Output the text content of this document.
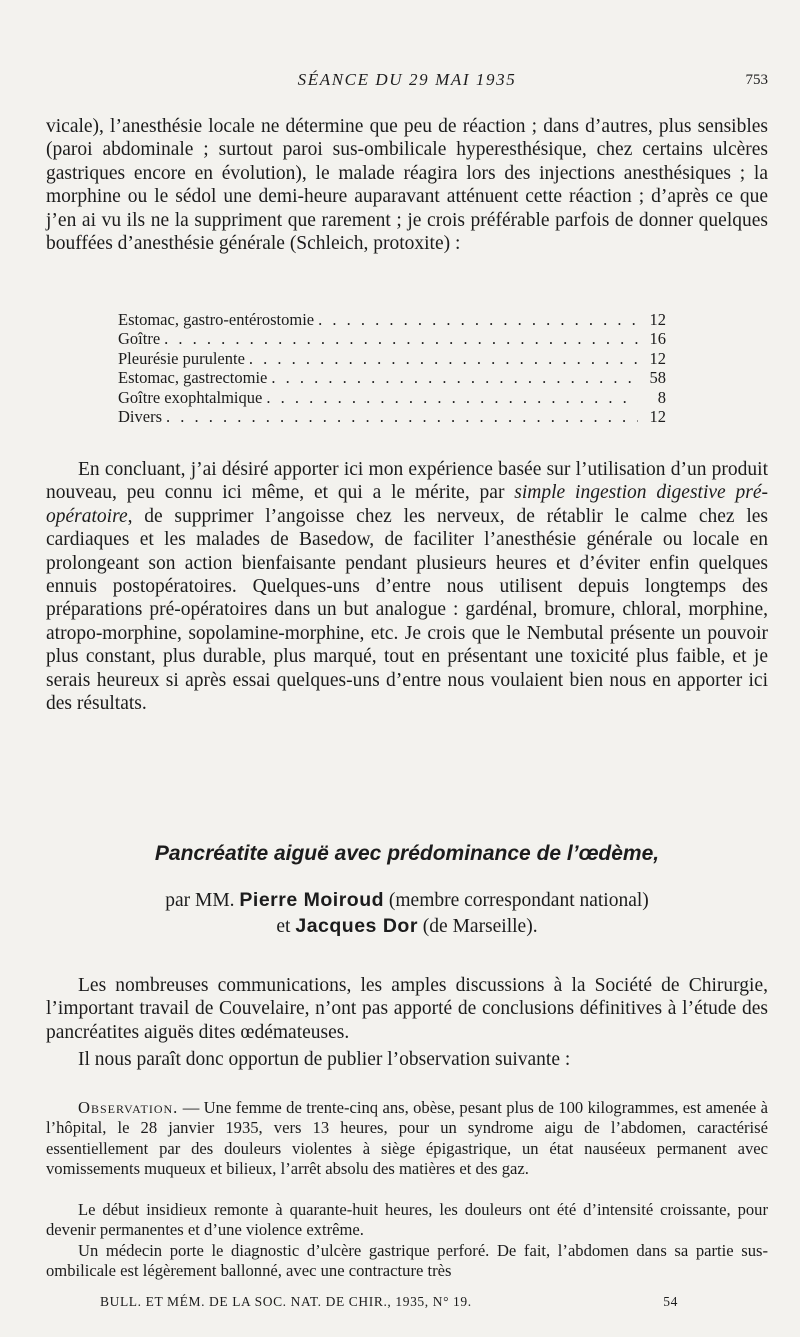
SÉANCE DU 29 MAI 1935	753

vicale), l’anesthésie locale ne détermine que peu de réaction ; dans d’autres, plus sensibles (paroi abdominale ; surtout paroi sus-ombilicale hyperesthésique, chez certains ulcères gastriques encore en évolution), le malade réagira lors des injections anesthésiques ; la morphine ou le sédol une demi-heure auparavant atténuent cette réaction ; d’après ce que j’en ai vu ils ne la suppriment que rarement ; je crois préférable parfois de donner quelques bouffées d’anesthésie générale (Schleich, protoxite) :

Estomac, gastro-entérostomie . . .	12
Goître . . .	16
Pleurésie purulente . . .	12
Estomac, gastrectomie . . .	58
Goître exophtalmique . . .	8
Divers . . .	12

En concluant, j’ai désiré apporter ici mon expérience basée sur l’utilisation d’un produit nouveau, peu connu ici même, et qui a le mérite, par simple ingestion digestive pré-opératoire, de supprimer l’angoisse chez les nerveux, de rétablir le calme chez les cardiaques et les malades de Basedow, de faciliter l’anesthésie générale ou locale en prolongeant son action bienfaisante pendant plusieurs heures et d’éviter enfin quelques ennuis postopératoires. Quelques-uns d’entre nous utilisent depuis longtemps des préparations pré-opératoires dans un but analogue : gardénal, bromure, chloral, morphine, atropo-morphine, sopolamine-morphine, etc. Je crois que le Nembutal présente un pouvoir plus constant, plus durable, plus marqué, tout en présentant une toxicité plus faible, et je serais heureux si après essai quelques-uns d’entre nous voulaient bien nous en apporter ici des résultats.

Pancréatite aiguë avec prédominance de l’œdème,
par MM. Pierre Moiroud (membre correspondant national)
et Jacques Dor (de Marseille).

Les nombreuses communications, les amples discussions à la Société de Chirurgie, l’important travail de Couvelaire, n’ont pas apporté de conclusions définitives à l’étude des pancréatites aiguës dites œdémateuses.

Il nous paraît donc opportun de publier l’observation suivante :

Observation. — Une femme de trente-cinq ans, obèse, pesant plus de 100 kilogrammes, est amenée à l’hôpital, le 28 janvier 1935, vers 13 heures, pour un syndrome aigu de l’abdomen, caractérisé essentiellement par des douleurs violentes à siège épigastrique, un état nauséeux permanent avec vomissements muqueux et bilieux, l’arrêt absolu des matières et des gaz.

Le début insidieux remonte à quarante-huit heures, les douleurs ont été d’intensité croissante, pour devenir permanentes et d’une violence extrême.

Un médecin porte le diagnostic d’ulcère gastrique perforé. De fait, l’abdomen dans sa partie sus-ombilicale est légèrement ballonné, avec une contracture très

BULL. ET MÉM. DE LA SOC. NAT. DE CHIR., 1935, N° 19.	54
